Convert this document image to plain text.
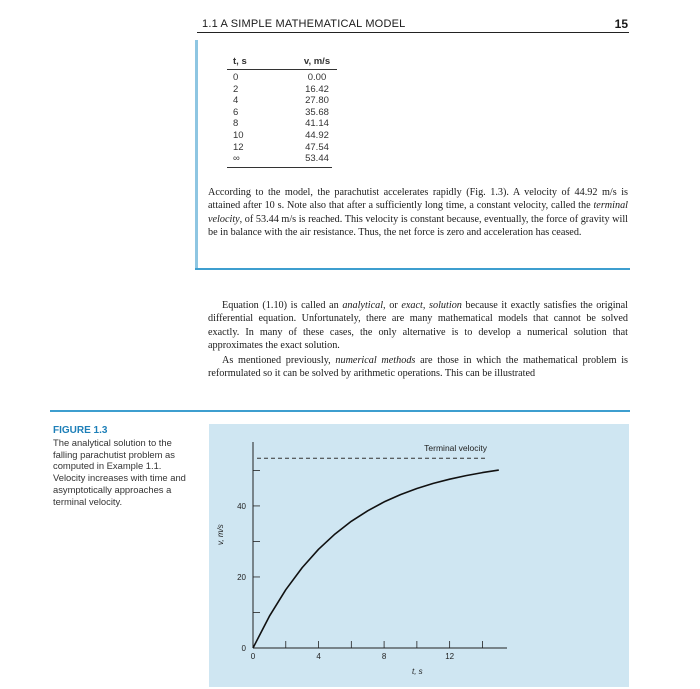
1.1 A SIMPLE MATHEMATICAL MODEL	15
t, s	v, m/s
0	0.00
2	16.42
4	27.80
6	35.68
8	41.14
10	44.92
12	47.54
∞	53.44

According to the model, the parachutist accelerates rapidly (Fig. 1.3). A velocity of 44.92 m/s is attained after 10 s. Note also that after a sufficiently long time, a constant velocity, called the terminal velocity, of 53.44 m/s is reached. This velocity is constant because, eventually, the force of gravity will be in balance with the air resistance. Thus, the net force is zero and acceleration has ceased.

Equation (1.10) is called an analytical, or exact, solution because it exactly satisfies the original differential equation. Unfortunately, there are many mathematical models that cannot be solved exactly. In many of these cases, the only alternative is to develop a numerical solution that approximates the exact solution.

As mentioned previously, numerical methods are those in which the mathematical problem is reformulated so it can be solved by arithmetic operations. This can be illustrated

FIGURE 1.3
The analytical solution to the falling parachutist problem as computed in Example 1.1. Velocity increases with time and asymptotically approaches a terminal velocity.
0	4	8	12
0
20
40
Terminal velocity
v, m/s
t, s
